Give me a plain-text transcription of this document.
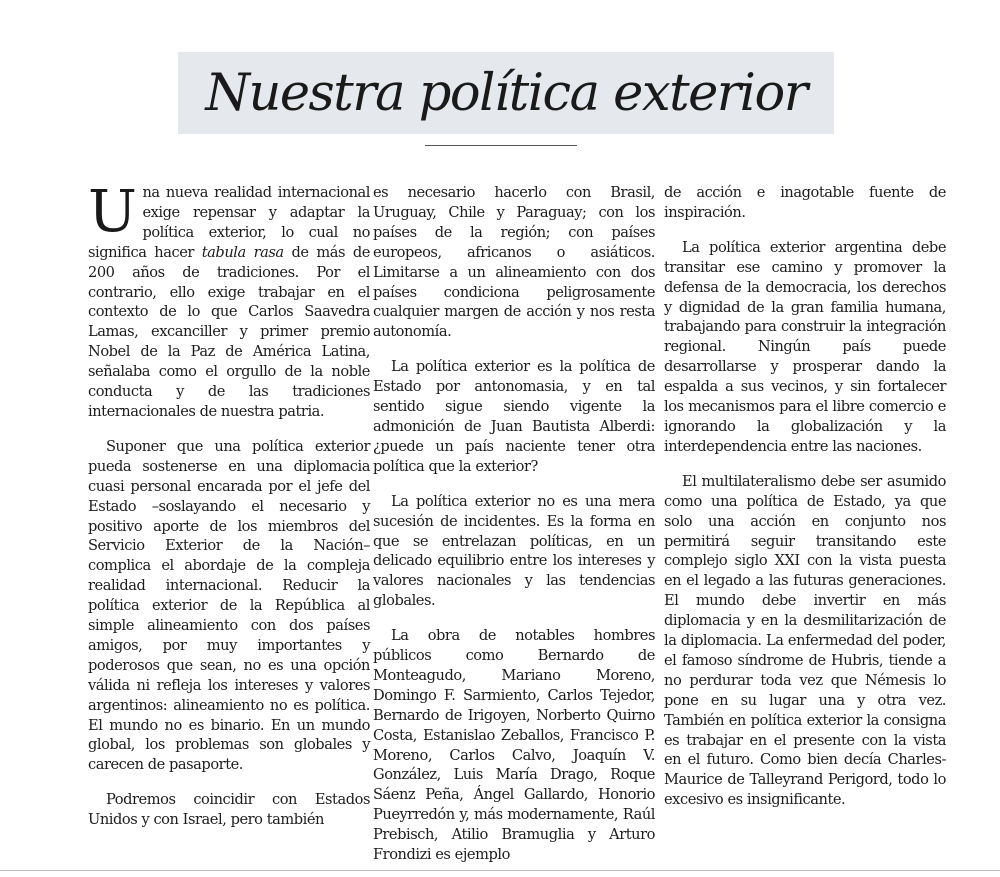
Nuestra política exterior

Una nueva realidad internacional exige repensar y adaptar la política exterior, lo cual no significa hacer tabula rasa de más de 200 años de tradiciones. Por el contrario, ello exige trabajar en el contexto de lo que Carlos Saavedra Lamas, excanciller y primer premio Nobel de la Paz de América Latina, señalaba como el orgullo de la noble conducta y de las tradiciones internacionales de nuestra patria.

Suponer que una política exterior pueda sostenerse en una diplomacia cuasi personal encarada por el jefe del Estado –soslayando el necesario y positivo aporte de los miembros del Servicio Exterior de la Nación– complica el abordaje de la compleja realidad internacional. Reducir la política exterior de la República al simple alineamiento con dos países amigos, por muy importantes y poderosos que sean, no es una opción válida ni refleja los intereses y valores argentinos: alineamiento no es política. El mundo no es binario. En un mundo global, los problemas son globales y carecen de pasaporte.

Podremos coincidir con Estados Unidos y con Israel, pero también

es necesario hacerlo con Brasil, Uruguay, Chile y Paraguay; con los países de la región; con países europeos, africanos o asiáticos. Limitarse a un alineamiento con dos países condiciona peligrosamente cualquier margen de acción y nos resta autonomía.

La política exterior es la política de Estado por antonomasia, y en tal sentido sigue siendo vigente la admonición de Juan Bautista Alberdi: ¿puede un país naciente tener otra política que la exterior?

La política exterior no es una mera sucesión de incidentes. Es la forma en que se entrelazan políticas, en un delicado equilibrio entre los intereses y valores nacionales y las tendencias globales.

La obra de notables hombres públicos como Bernardo de Monteagudo, Mariano Moreno, Domingo F. Sarmiento, Carlos Tejedor, Bernardo de Irigoyen, Norberto Quirno Costa, Estanislao Zeballos, Francisco P. Moreno, Carlos Calvo, Joaquín V. González, Luis María Drago, Roque Sáenz Peña, Ángel Gallardo, Honorio Pueyrredón y, más modernamente, Raúl Prebisch, Atilio Bramuglia y Arturo Frondizi es ejemplo

de acción e inagotable fuente de inspiración.

La política exterior argentina debe transitar ese camino y promover la defensa de la democracia, los derechos y dignidad de la gran familia humana, trabajando para construir la integración regional. Ningún país puede desarrollarse y prosperar dando la espalda a sus vecinos, y sin fortalecer los mecanismos para el libre comercio e ignorando la globalización y la interdependencia entre las naciones.

El multilateralismo debe ser asumido como una política de Estado, ya que solo una acción en conjunto nos permitirá seguir transitando este complejo siglo XXI con la vista puesta en el legado a las futuras generaciones. El mundo debe invertir en más diplomacia y en la desmilitarización de la diplomacia. La enfermedad del poder, el famoso síndrome de Hubris, tiende a no perdurar toda vez que Némesis lo pone en su lugar una y otra vez. También en política exterior la consigna es trabajar en el presente con la vista en el futuro. Como bien decía Charles-Maurice de Talleyrand Perigord, todo lo excesivo es insignificante.
